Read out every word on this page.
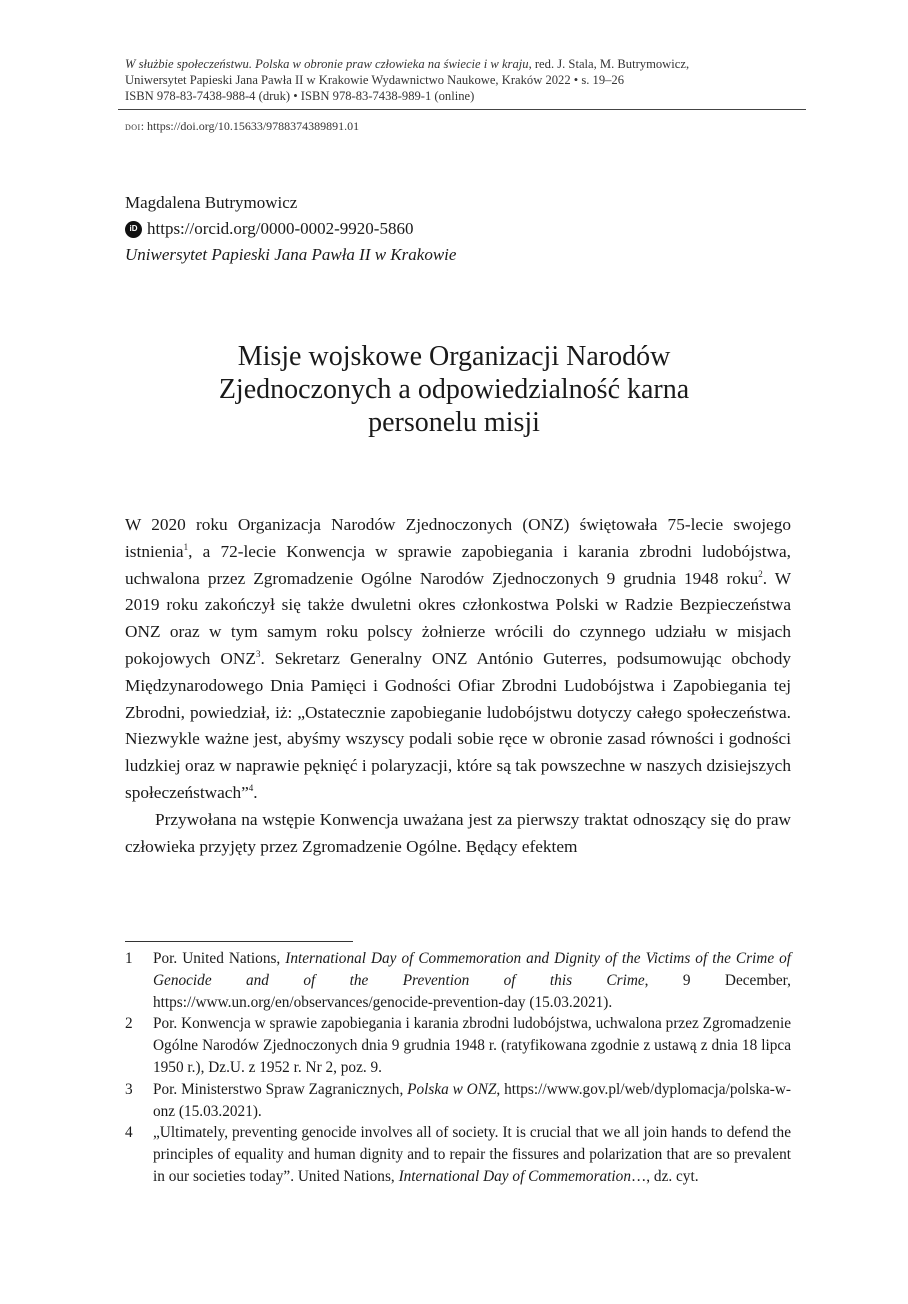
W służbie społeczeństwu. Polska w obronie praw człowieka na świecie i w kraju, red. J. Stala, M. Butrymowicz,
Uniwersytet Papieski Jana Pawła II w Krakowie Wydawnictwo Naukowe, Kraków 2022 • s. 19–26
ISBN 978-83-7438-988-4 (druk) • ISBN 978-83-7438-989-1 (online)
doi: https://doi.org/10.15633/9788374389891.01
Magdalena Butrymowicz
iD https://orcid.org/0000-0002-9920-5860
Uniwersytet Papieski Jana Pawła II w Krakowie
Misje wojskowe Organizacji Narodów
Zjednoczonych a odpowiedzialność karna
personelu misji

W 2020 roku Organizacja Narodów Zjednoczonych (ONZ) świętowała 75-lecie swojego istnienia$^1$, a 72-lecie Konwencja w sprawie zapobiegania i karania zbrodni ludobójstwa, uchwalona przez Zgromadzenie Ogólne Narodów Zjednoczonych 9 grudnia 1948 roku$^2$. W 2019 roku zakończył się także dwuletni okres członkostwa Polski w Radzie Bezpieczeństwa ONZ oraz w tym samym roku polscy żołnierze wrócili do czynnego udziału w misjach pokojowych ONZ$^3$. Sekretarz Generalny ONZ António Guterres, podsumowując obchody Międzynarodowego Dnia Pamięci i Godności Ofiar Zbrodni Ludobójstwa i Zapobiegania tej Zbrodni, powiedział, iż: „Ostatecznie zapobieganie ludobójstwu dotyczy całego społeczeństwa. Niezwykle ważne jest, abyśmy wszyscy podali sobie ręce w obronie zasad równości i godności ludzkiej oraz w naprawie pęknięć i polaryzacji, które są tak powszechne w naszych dzisiejszych społeczeństwach”$^4$.

Przywołana na wstępie Konwencja uważana jest za pierwszy traktat odnoszący się do praw człowieka przyjęty przez Zgromadzenie Ogólne. Będący efektem

1	Por. United Nations, International Day of Commemoration and Dignity of the Victims of the Crime of Genocide and of the Prevention of this Crime, 9 December, https://www.un.org/en/observances/genocide-prevention-day (15.03.2021).
2	Por. Konwencja w sprawie zapobiegania i karania zbrodni ludobójstwa, uchwalona przez Zgromadzenie Ogólne Narodów Zjednoczonych dnia 9 grudnia 1948 r. (ratyfikowana zgodnie z ustawą z dnia 18 lipca 1950 r.), Dz.U. z 1952 r. Nr 2, poz. 9.
3	Por. Ministerstwo Spraw Zagranicznych, Polska w ONZ, https://www.gov.pl/web/dyplomacja/polska-w-onz (15.03.2021).
4	„Ultimately, preventing genocide involves all of society. It is crucial that we all join hands to defend the principles of equality and human dignity and to repair the fissures and polarization that are so prevalent in our societies today”. United Nations, International Day of Commemoration…, dz. cyt.
